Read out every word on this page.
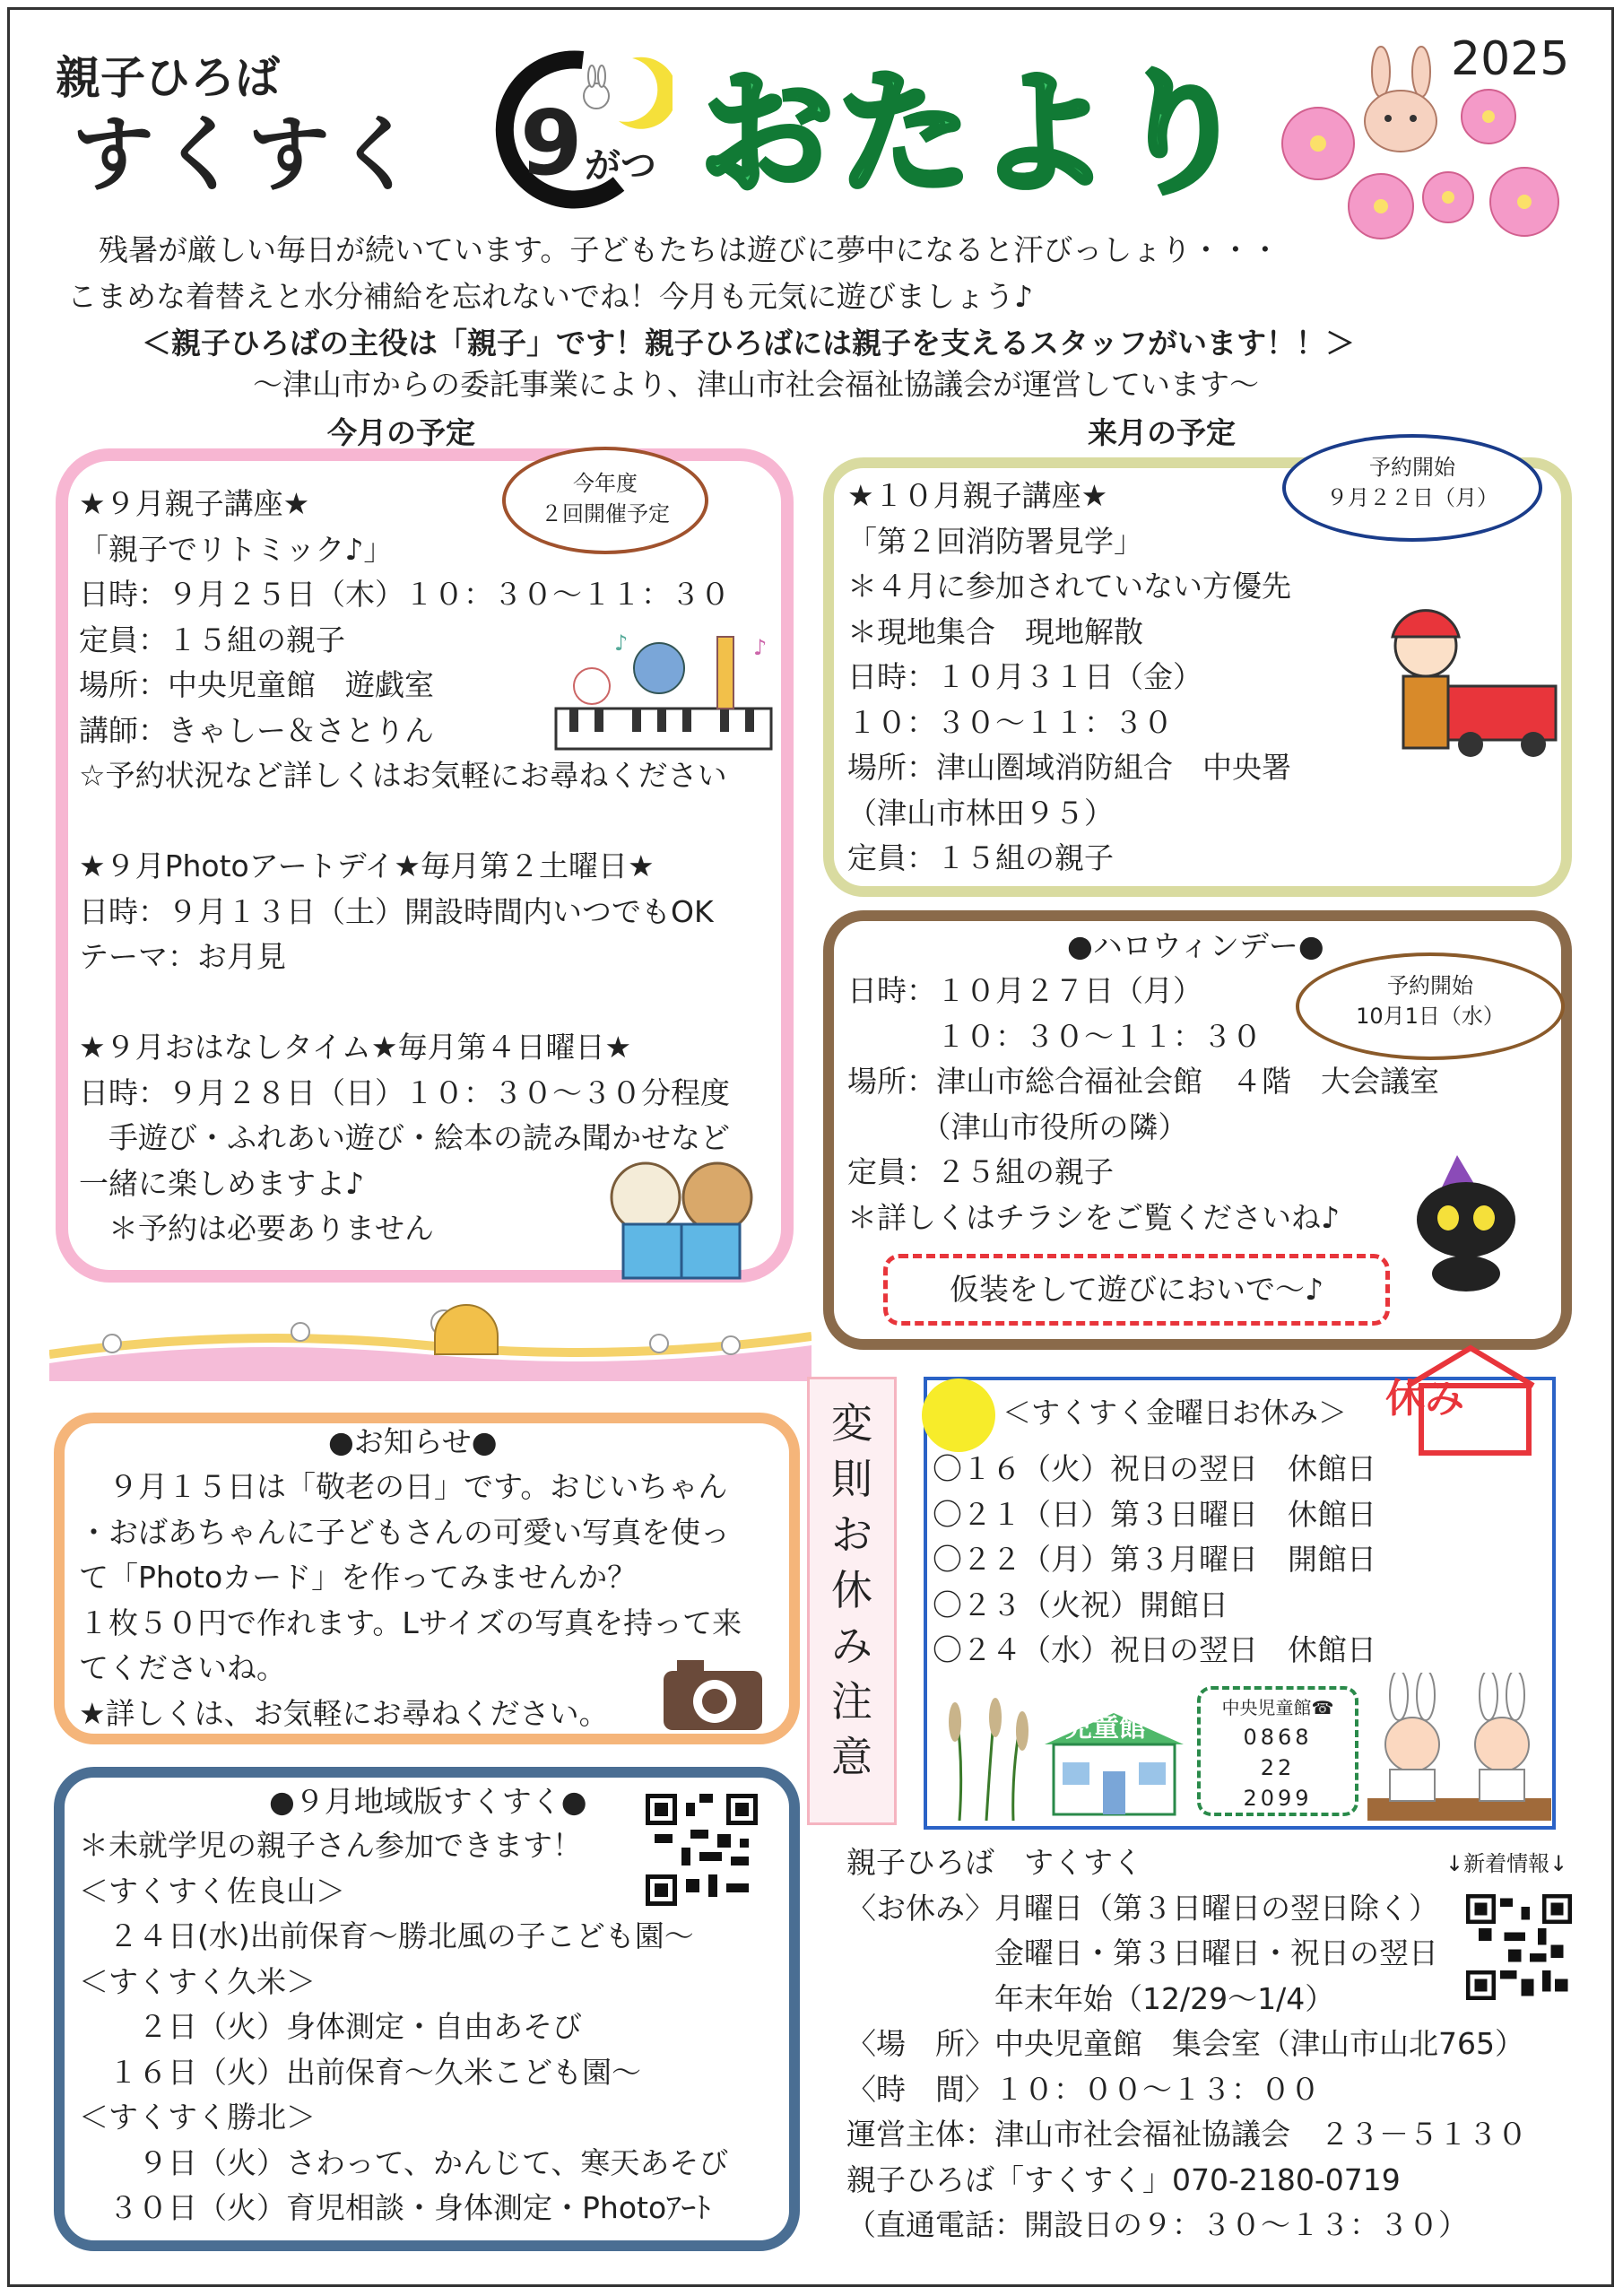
親子ひろば
すくすく 9 がつ おたより	2025
残暑が厳しい毎日が続いています。子どもたちは遊びに夢中になると汗びっしょり・・・
こまめな着替えと水分補給を忘れないでね！今月も元気に遊びましょう♪
＜親子ひろばの主役は「親子」です！親子ひろばには親子を支えるスタッフがいます！！＞
～津山市からの委託事業により、津山市社会福祉協議会が運営しています～
今月の予定
★９月親子講座★
「親子でリトミック♪」
日時：９月２５日（木）１０：３０～１１：３０
定員：１５組の親子
場所：中央児童館　遊戯室
講師：きゃしー＆さとりん
☆予約状況など詳しくはお気軽にお尋ねください
★９月Photoアートデイ★毎月第２土曜日★
日時：９月１３日（土）開設時間内いつでもOK
テーマ：お月見
★９月おはなしタイム★毎月第４日曜日★
日時：９月２８日（日）１０：３０～３０分程度
　手遊び・ふれあい遊び・絵本の読み聞かせなど
一緒に楽しめますよ♪
　＊予約は必要ありません
今年度
２回開催予定
♪	♪
来月の予定
★１０月親子講座★
「第２回消防署見学」
＊４月に参加されていない方優先
＊現地集合　現地解散
日時：１０月３１日（金）
１０：３０～１１：３０
場所：津山圏域消防組合　中央署
（津山市林田９５）
定員：１５組の親子
予約開始
９月２２日（月）
●ハロウィンデー●
日時：１０月２７日（月）
　　　１０：３０～１１：３０
場所：津山市総合福祉会館　４階　大会議室
　　　（津山市役所の隣）
定員：２５組の親子
＊詳しくはチラシをご覧くださいね♪
予約開始
10月1日（水）
仮装をして遊びにおいで～♪
●お知らせ●
　９月１５日は「敬老の日」です。おじいちゃん
・おばあちゃんに子どもさんの可愛い写真を使っ
て「Photoカード」を作ってみませんか？
１枚５０円で作れます。Lサイズの写真を持って来
てくださいね。
★詳しくは、お気軽にお尋ねください。
変
則
お
休
み
注
意
＜すくすく金曜日お休み＞ 休み
〇１６（火）祝日の翌日　休館日
〇２１（日）第３日曜日　休館日
〇２２（月）第３月曜日　開館日
〇２３（火祝）開館日
〇２４（水）祝日の翌日　休館日
児童館
中央児童館☎
0868
22
2099
●９月地域版すくすく●
＊未就学児の親子さん参加できます！
＜すくすく佐良山＞
　２４日(水)出前保育～勝北風の子こども園～
＜すくすく久米＞
　　２日（火）身体測定・自由あそび
　１６日（火）出前保育～久米こども園～
＜すくすく勝北＞
　　９日（火）さわって、かんじて、寒天あそび
　３０日（火）育児相談・身体測定・Photoｱｰﾄ
↓新着情報↓
親子ひろば　すくすく
〈お休み〉月曜日（第３日曜日の翌日除く）
　　　　　金曜日・第３日曜日・祝日の翌日
　　　　　年末年始（12/29～1/4）
〈場　所〉中央児童館　集会室（津山市山北765）
〈時　間〉１０：００～１３：００
運営主体：津山市社会福祉協議会　２３－５１３０
親子ひろば「すくすく」070-2180-0719
（直通電話：開設日の９：３０～１３：３０）
